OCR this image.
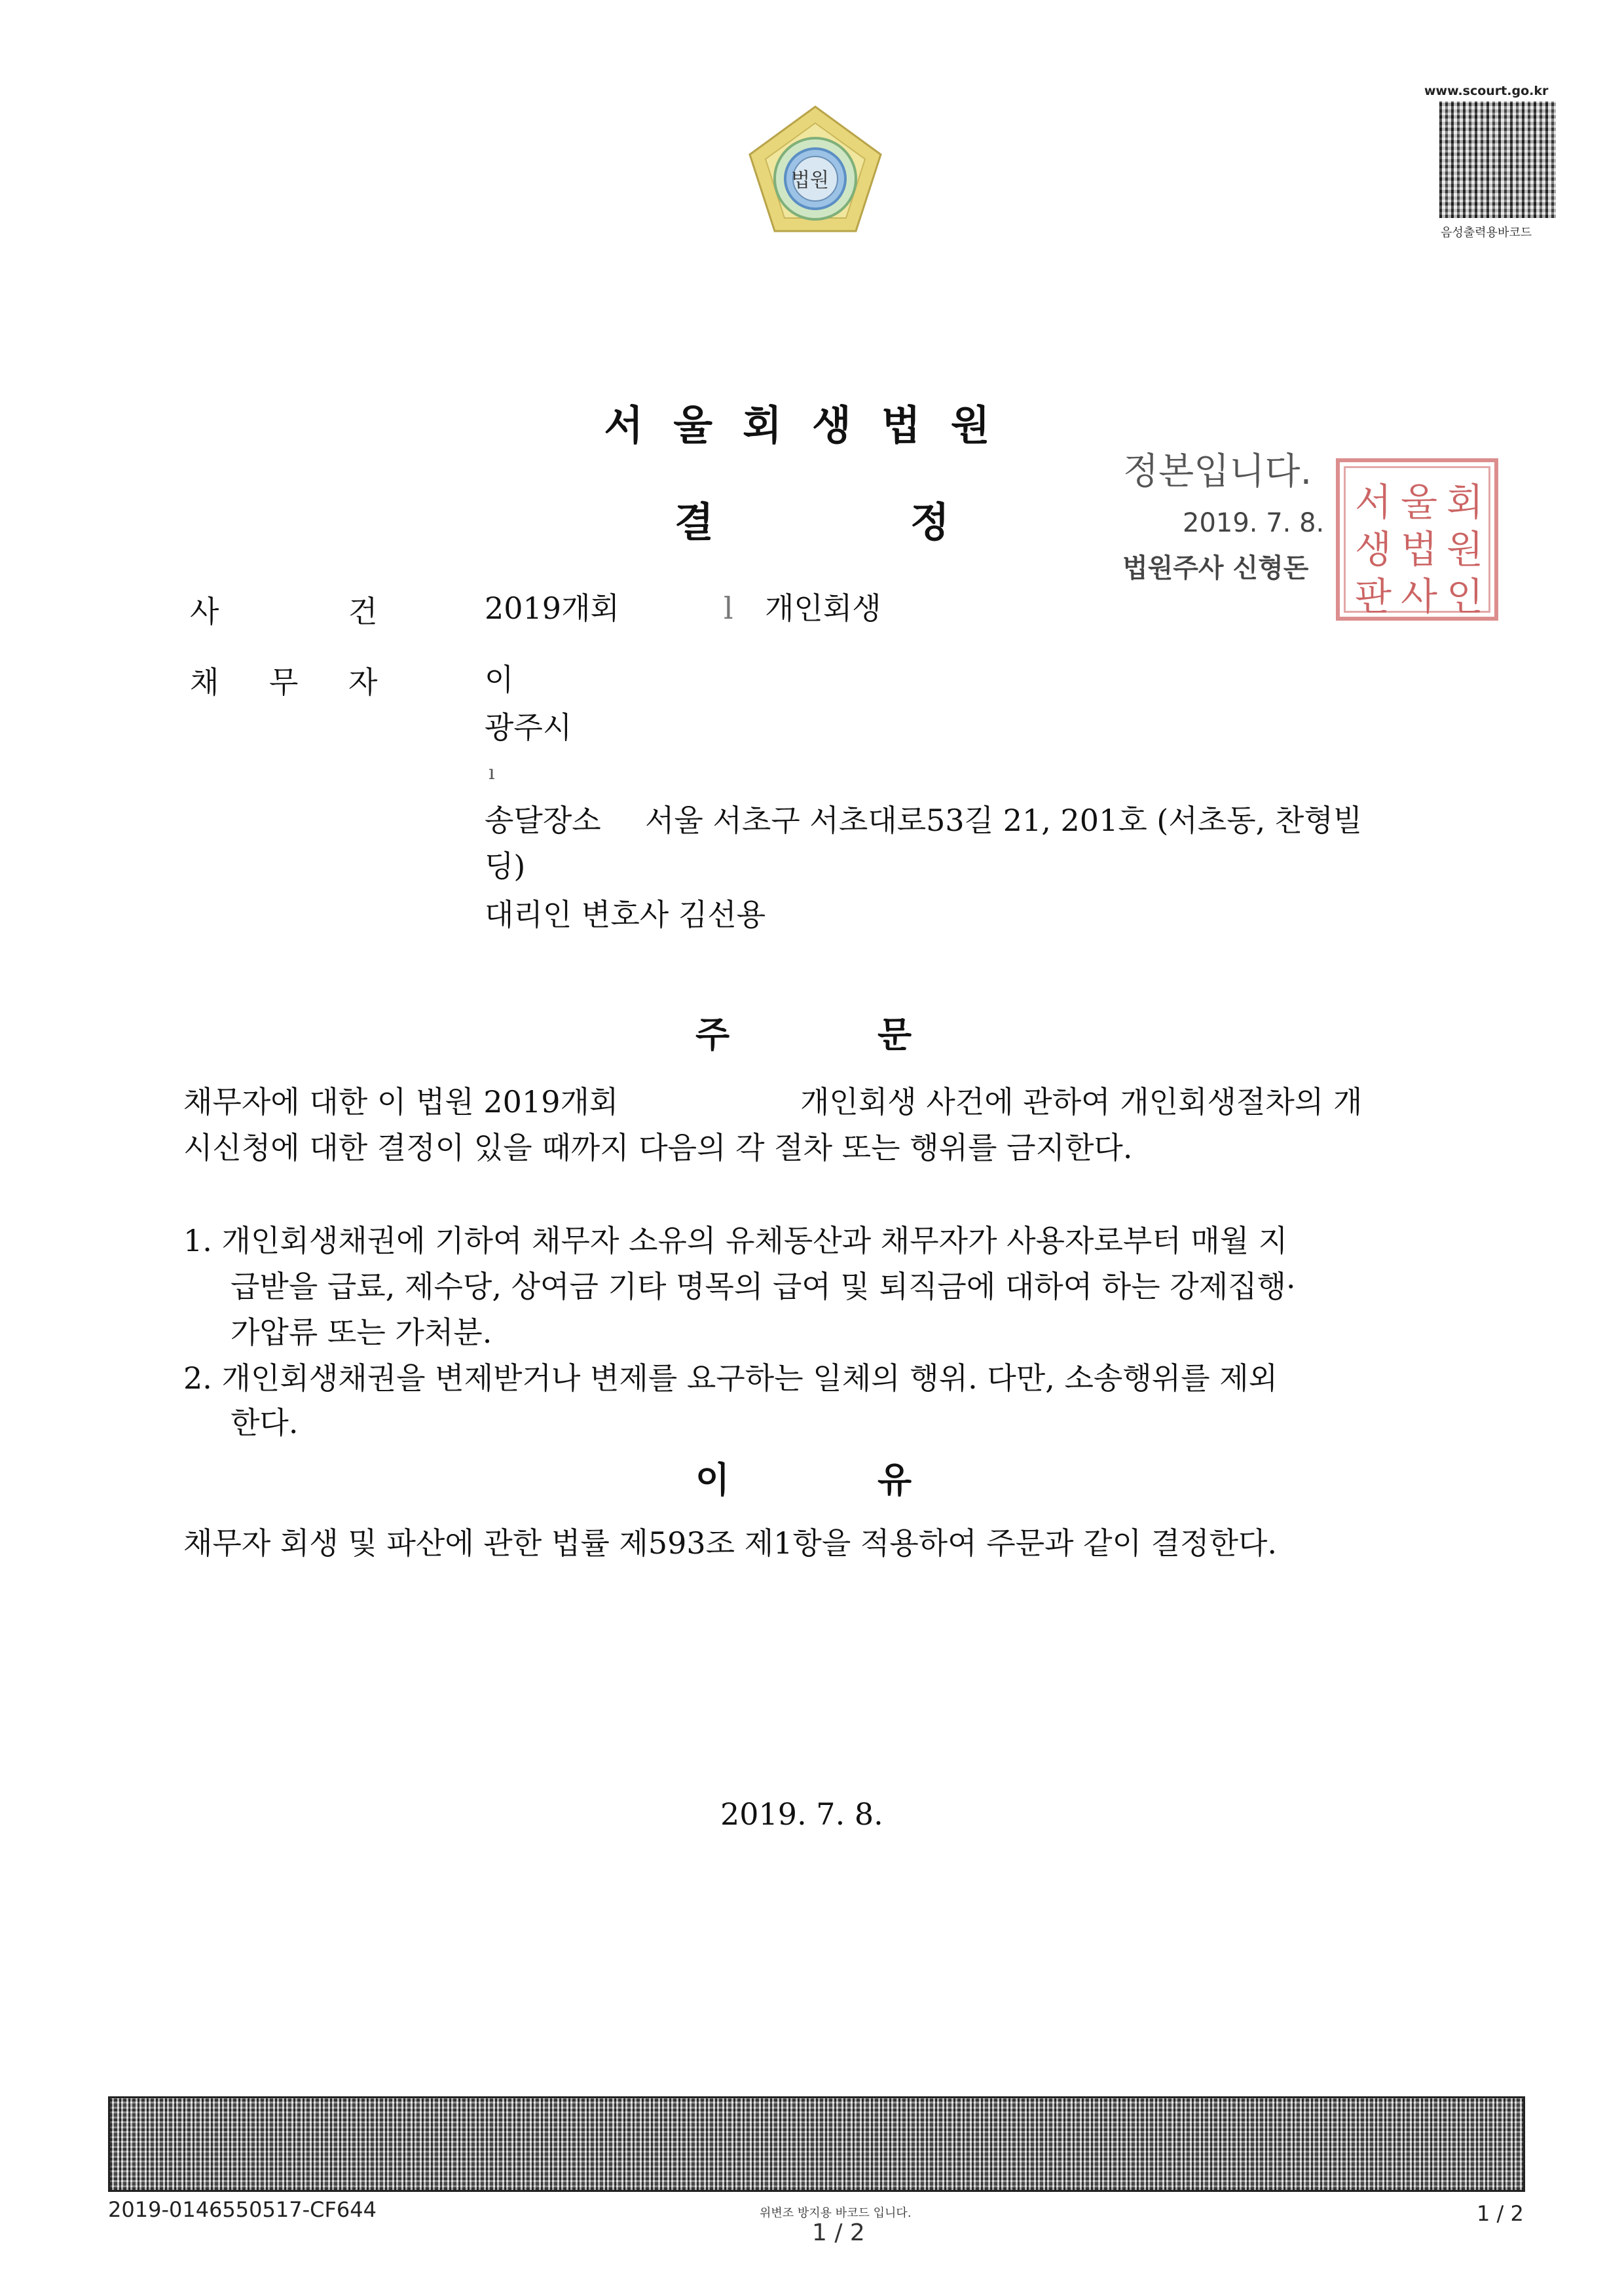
법원
www.scourt.go.kr
음성출력용바코드
서울회생법원
결	정
정본입니다.
2019. 7. 8.
법원주사 신형돈
서 울 회
생 법 원
판 사 인
사	건	2019개회	l 개인회생
채 무 자	이
광주시
ı
송달장소 서울 서초구 서초대로53길 21, 201호 (서초동, 찬형빌
딩)
대리인 변호사 김선용
주	문
채무자에 대한 이 법원 2019개회	개인회생 사건에 관하여 개인회생절차의 개
시신청에 대한 결정이 있을 때까지 다음의 각 절차 또는 행위를 금지한다.
1. 개인회생채권에 기하여 채무자 소유의 유체동산과 채무자가 사용자로부터 매월 지
급받을 급료, 제수당, 상여금 기타 명목의 급여 및 퇴직금에 대하여 하는 강제집행·
가압류 또는 가처분.
2. 개인회생채권을 변제받거나 변제를 요구하는 일체의 행위. 다만, 소송행위를 제외
한다.
이	유
채무자 회생 및 파산에 관한 법률 제593조 제1항을 적용하여 주문과 같이 결정한다.
2019. 7. 8.
2019-0146550517-CF644	위변조 방지용 바코드 입니다.
1 / 2
1 / 2
